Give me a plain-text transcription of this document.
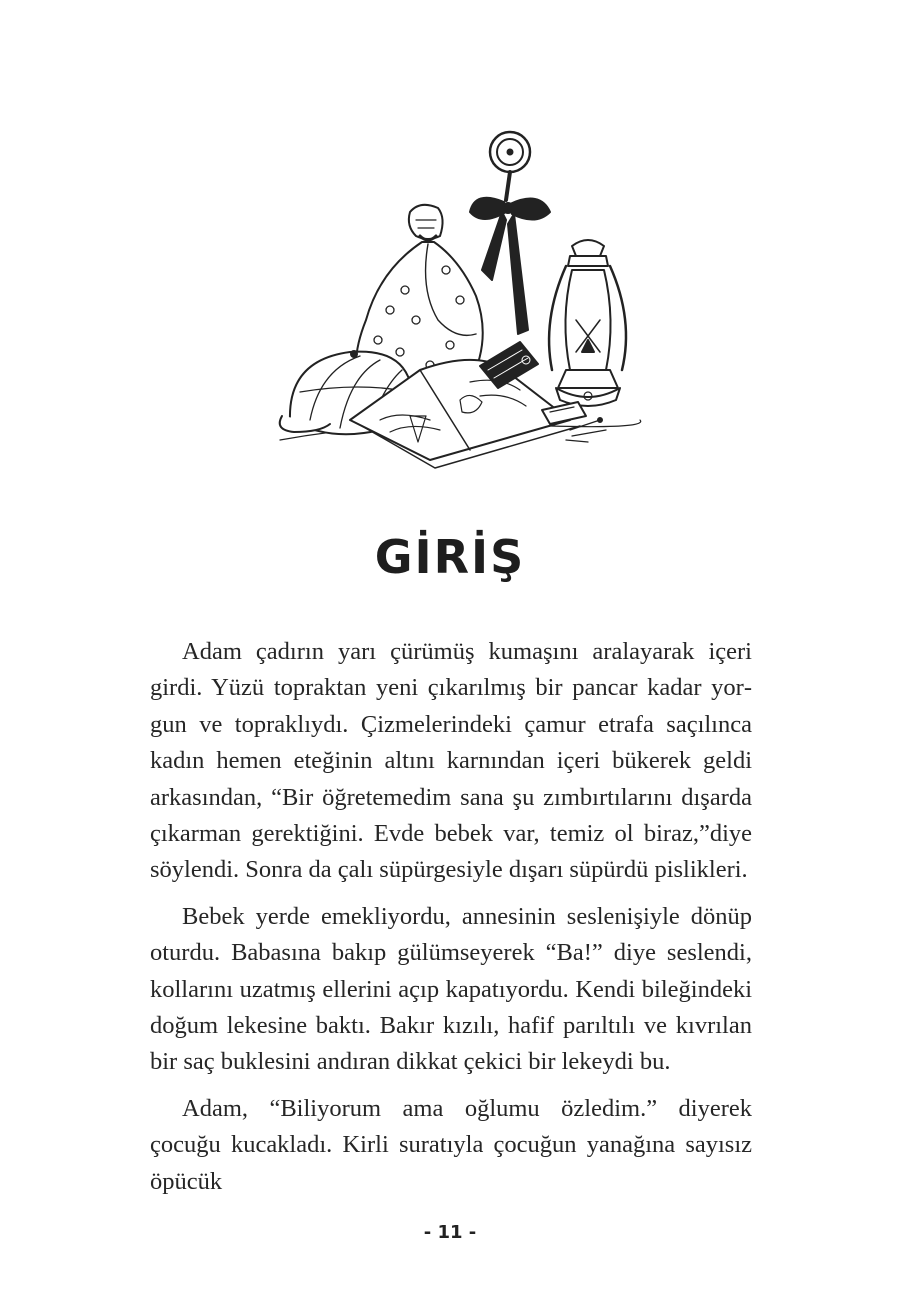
GİRİŞ

Adam çadırın yarı çürümüş kumaşını aralayarak içeri girdi. Yüzü topraktan yeni çıkarılmış bir pancar kadar yorgun ve topraklıydı. Çizmelerindeki çamur etrafa saçılınca kadın hemen eteğinin altını karnından içeri bükerek geldi arkasından, “Bir öğretemedim sana şu zımbırtılarını dışarda çıkarman gerektiğini. Evde bebek var, temiz ol biraz,”diye söylendi. Sonra da çalı süpürgesiyle dışarı süpürdü pislikleri.

Bebek yerde emekliyordu, annesinin seslenişiyle dönüp oturdu. Babasına bakıp gülümseyerek “Ba!” diye seslendi, kollarını uzatmış ellerini açıp kapatıyordu. Kendi bileğindeki doğum lekesine baktı. Bakır kızılı, hafif parıltılı ve kıvrılan bir saç buklesini andıran dikkat çekici bir lekeydi bu.

Adam, “Biliyorum ama oğlumu özledim.” diyerek çocuğu kucakladı. Kirli suratıyla çocuğun yanağına sayısız öpücük

- 11 -
